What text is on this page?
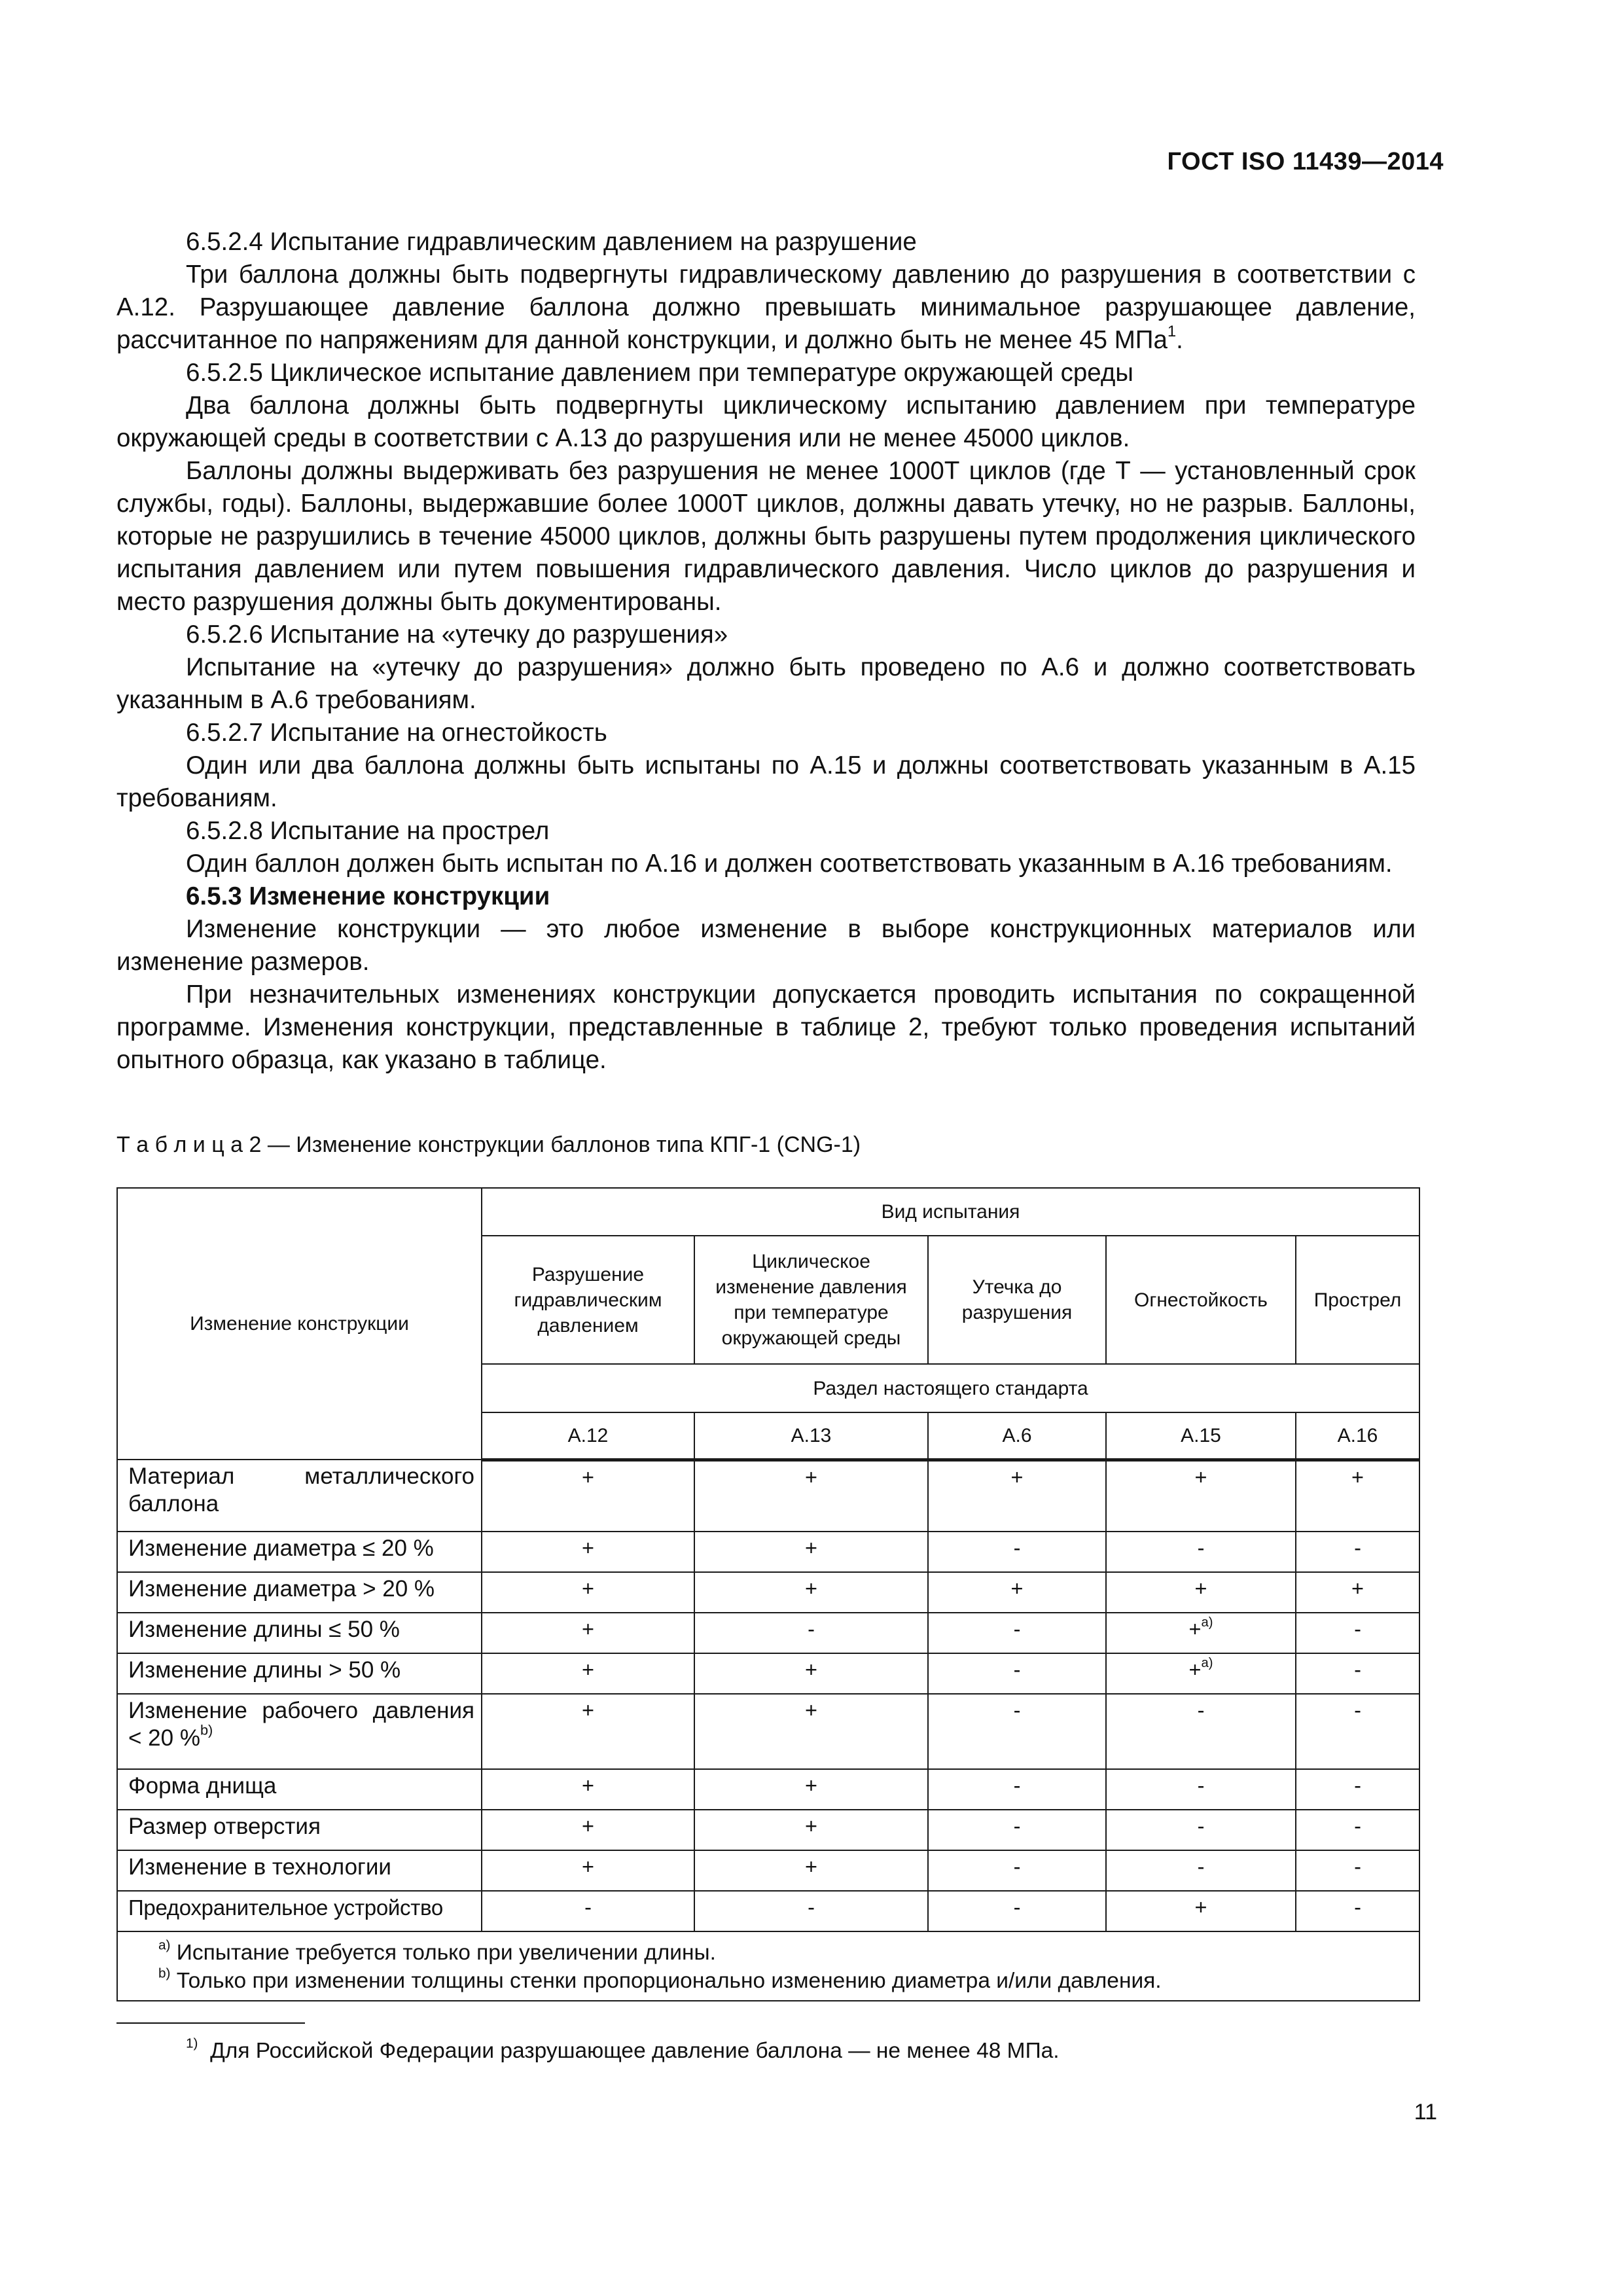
ГОСТ ISO 11439—2014

6.5.2.4 Испытание гидравлическим давлением на разрушение

Три баллона должны быть подвергнуты гидравлическому давлению до разрушения в соответствии с А.12. Разрушающее давление баллона должно превышать минимальное разрушающее давление, рассчитанное по напряжениям для данной конструкции, и должно быть не менее 45 МПа$^1$.

6.5.2.5 Циклическое испытание давлением при температуре окружающей среды

Два баллона должны быть подвергнуты циклическому испытанию давлением при температуре окружающей среды в соответствии с А.13 до разрушения или не менее 45000 циклов.

Баллоны должны выдерживать без разрушения не менее 1000Т циклов (где Т — установленный срок службы, годы). Баллоны, выдержавшие более 1000Т циклов, должны давать утечку, но не разрыв. Баллоны, которые не разрушились в течение 45000 циклов, должны быть разрушены путем продолжения циклического испытания давлением или путем повышения гидравлического давления. Число циклов до разрушения и место разрушения должны быть документированы.

6.5.2.6 Испытание на «утечку до разрушения»

Испытание на «утечку до разрушения» должно быть проведено по А.6 и должно соответствовать указанным в А.6 требованиям.

6.5.2.7 Испытание на огнестойкость

Один или два баллона должны быть испытаны по А.15 и должны соответствовать указанным в А.15 требованиям.

6.5.2.8 Испытание на прострел

Один баллон должен быть испытан по А.16 и должен соответствовать указанным в А.16 требованиям.

6.5.3 Изменение конструкции

Изменение конструкции — это любое изменение в выборе конструкционных материалов или изменение размеров.

При незначительных изменениях конструкции допускается проводить испытания по сокращенной программе. Изменения конструкции, представленные в таблице 2, требуют только проведения испытаний опытного образца, как указано в таблице.

Т а б л и ц а 2 — Изменение конструкции баллонов типа КПГ-1 (CNG-1)
Изменение конструкции	Вид испытания				
	Разрушение гидравлическим давлением	Циклическое изменение давления при температуре окружающей среды	Утечка до разрушения	Огнестойкость	Прострел
	Раздел настоящего стандарта				
	А.12	А.13	А.6	А.15	А.16
Материал металлического баллона	+	+	+	+	+
Изменение диаметра ≤ 20 %	+	+	-	-	-
Изменение диаметра > 20 %	+	+	+	+	+
Изменение длины ≤ 50 %	+	-	-	+$^{a)}$	-
Изменение длины > 50 %	+	+	-	+$^{a)}$	-
Изменение рабочего давления < 20 %$^{b)}$	+	+	-	-	-
Форма днища	+	+	-	-	-
Размер отверстия	+	+	-	-	-
Изменение в технологии	+	+	-	-	-
Предохранительное устройство	-	-	-	+	-

$^{a)}$ Испытание требуется только при увеличении длины.
$^{b)}$ Только при изменении толщины стенки пропорционально изменению диаметра и/или давления.					
$^{1)}$ Для Российской Федерации разрушающее давление баллона — не менее 48 МПа.
11
